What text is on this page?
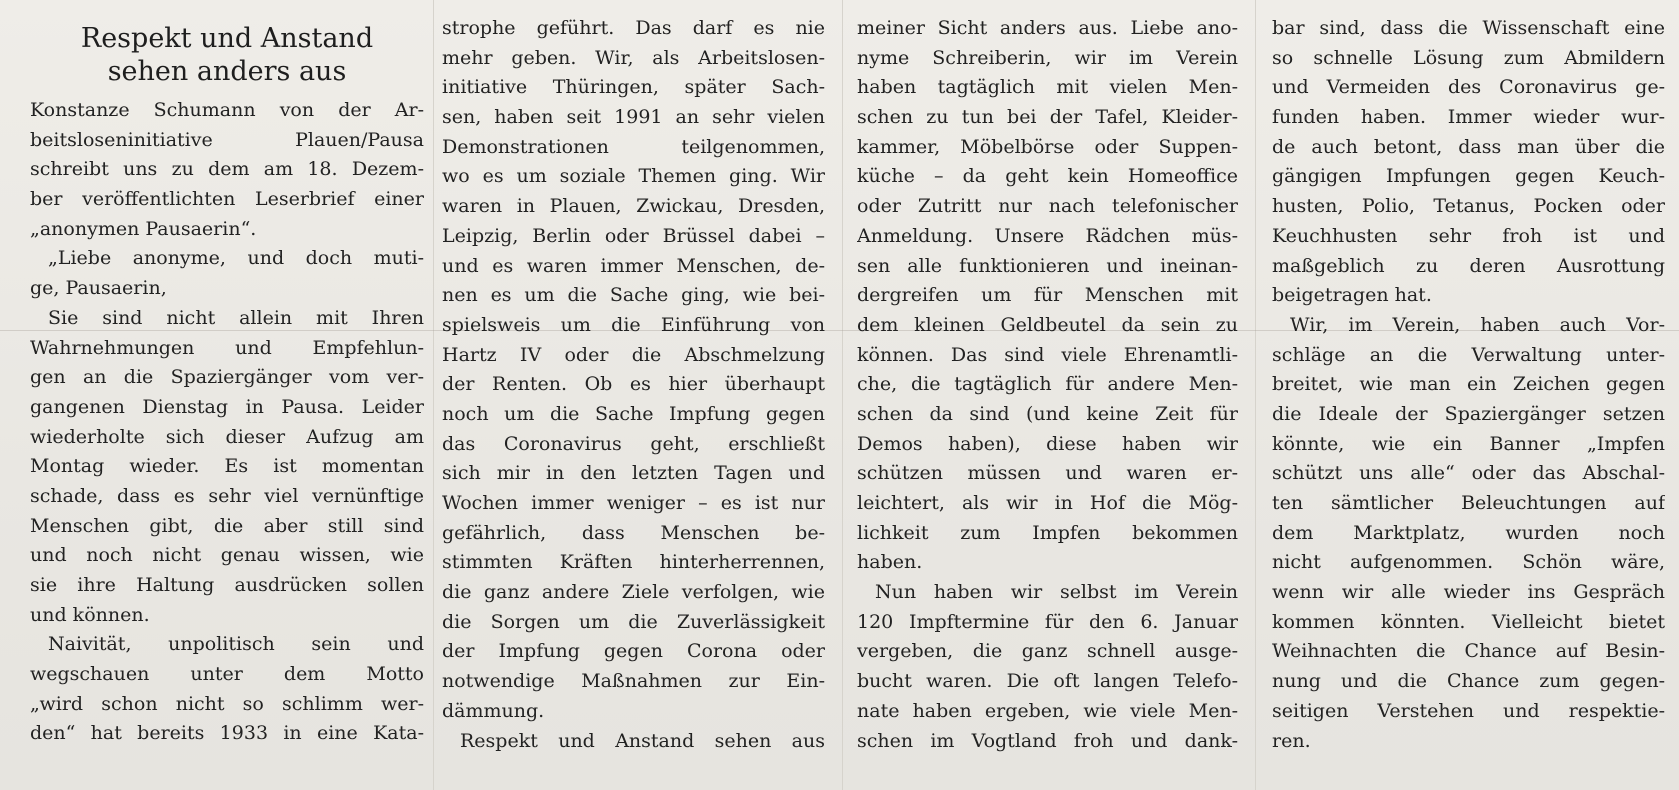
Respekt und Anstand
sehen anders aus
Konstanze Schumann von der Ar-
beitsloseninitiative Plauen/Pausa
schreibt uns zu dem am 18. Dezem-
ber veröffentlichten Leserbrief einer
„anonymen Pausaerin“.
„Liebe anonyme, und doch muti-
ge, Pausaerin,
Sie sind nicht allein mit Ihren
Wahrnehmungen und Empfehlun-
gen an die Spaziergänger vom ver-
gangenen Dienstag in Pausa. Leider
wiederholte sich dieser Aufzug am
Montag wieder. Es ist momentan
schade, dass es sehr viel vernünftige
Menschen gibt, die aber still sind
und noch nicht genau wissen, wie
sie ihre Haltung ausdrücken sollen
und können.
Naivität, unpolitisch sein und
wegschauen unter dem Motto
„wird schon nicht so schlimm wer-
den“ hat bereits 1933 in eine Kata-
strophe geführt. Das darf es nie
mehr geben. Wir, als Arbeitslosen-
initiative Thüringen, später Sach-
sen, haben seit 1991 an sehr vielen
Demonstrationen teilgenommen,
wo es um soziale Themen ging. Wir
waren in Plauen, Zwickau, Dresden,
Leipzig, Berlin oder Brüssel dabei –
und es waren immer Menschen, de-
nen es um die Sache ging, wie bei-
spielsweis um die Einführung von
Hartz IV oder die Abschmelzung
der Renten. Ob es hier überhaupt
noch um die Sache Impfung gegen
das Coronavirus geht, erschließt
sich mir in den letzten Tagen und
Wochen immer weniger – es ist nur
gefährlich, dass Menschen be-
stimmten Kräften hinterherrennen,
die ganz andere Ziele verfolgen, wie
die Sorgen um die Zuverlässigkeit
der Impfung gegen Corona oder
notwendige Maßnahmen zur Ein-
dämmung.
Respekt und Anstand sehen aus
meiner Sicht anders aus. Liebe ano-
nyme Schreiberin, wir im Verein
haben tagtäglich mit vielen Men-
schen zu tun bei der Tafel, Kleider-
kammer, Möbelbörse oder Suppen-
küche – da geht kein Homeoffice
oder Zutritt nur nach telefonischer
Anmeldung. Unsere Rädchen müs-
sen alle funktionieren und ineinan-
dergreifen um für Menschen mit
dem kleinen Geldbeutel da sein zu
können. Das sind viele Ehrenamtli-
che, die tagtäglich für andere Men-
schen da sind (und keine Zeit für
Demos haben), diese haben wir
schützen müssen und waren er-
leichtert, als wir in Hof die Mög-
lichkeit zum Impfen bekommen
haben.
Nun haben wir selbst im Verein
120 Impftermine für den 6. Januar
vergeben, die ganz schnell ausge-
bucht waren. Die oft langen Telefo-
nate haben ergeben, wie viele Men-
schen im Vogtland froh und dank-
bar sind, dass die Wissenschaft eine
so schnelle Lösung zum Abmildern
und Vermeiden des Coronavirus ge-
funden haben. Immer wieder wur-
de auch betont, dass man über die
gängigen Impfungen gegen Keuch-
husten, Polio, Tetanus, Pocken oder
Keuchhusten sehr froh ist und
maßgeblich zu deren Ausrottung
beigetragen hat.
Wir, im Verein, haben auch Vor-
schläge an die Verwaltung unter-
breitet, wie man ein Zeichen gegen
die Ideale der Spaziergänger setzen
könnte, wie ein Banner „Impfen
schützt uns alle“ oder das Abschal-
ten sämtlicher Beleuchtungen auf
dem Marktplatz, wurden noch
nicht aufgenommen. Schön wäre,
wenn wir alle wieder ins Gespräch
kommen könnten. Vielleicht bietet
Weihnachten die Chance auf Besin-
nung und die Chance zum gegen-
seitigen Verstehen und respektie-
ren.
